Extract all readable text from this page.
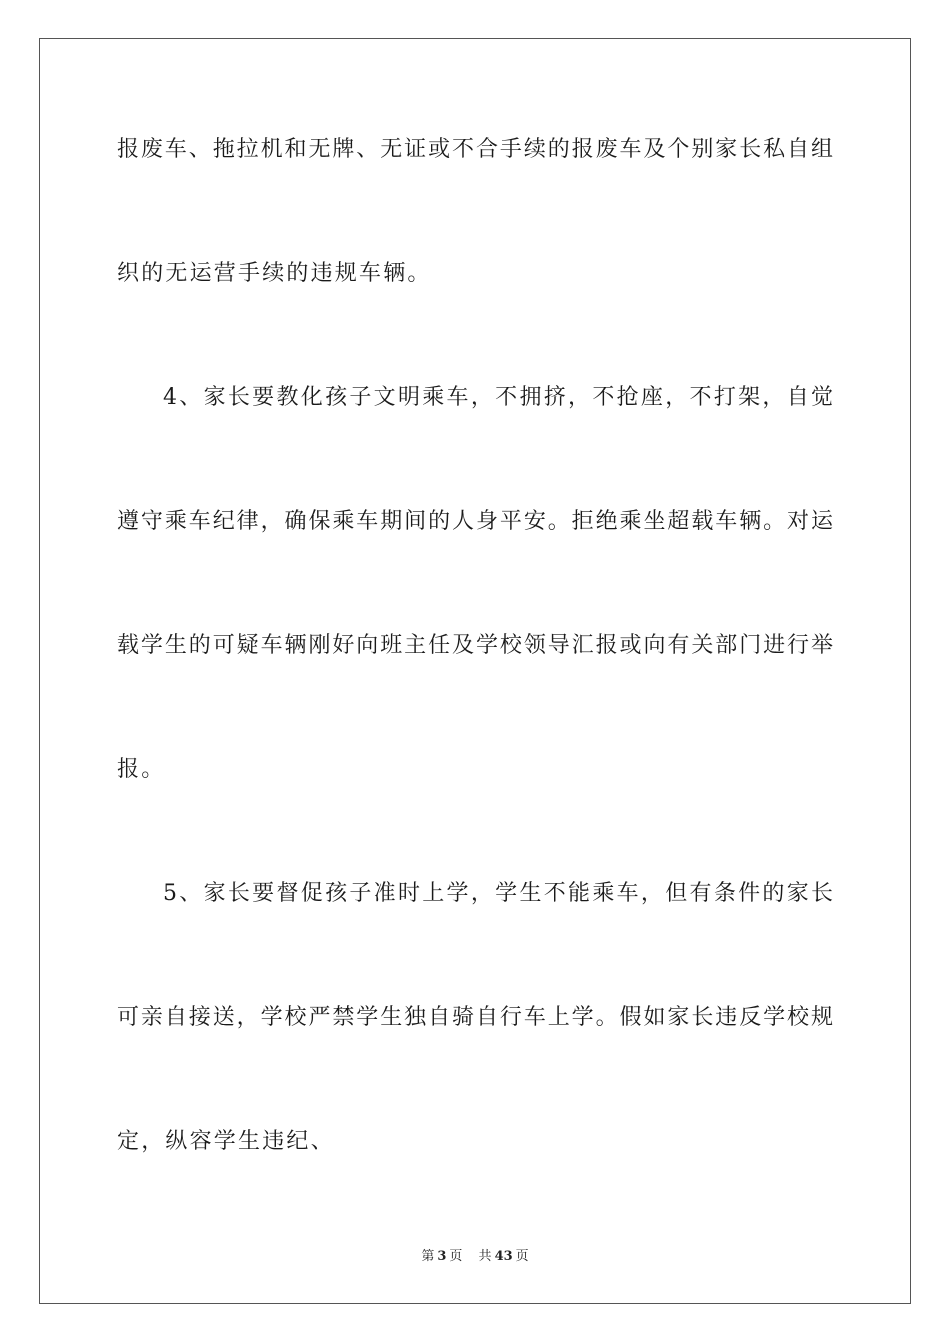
报废车、拖拉机和无牌、无证或不合手续的报废车及个别家长私自组
织的无运营手续的违规车辆。
4、家长要教化孩子文明乘车，不拥挤，不抢座，不打架，自觉
遵守乘车纪律，确保乘车期间的人身平安。拒绝乘坐超载车辆。对运
载学生的可疑车辆刚好向班主任及学校领导汇报或向有关部门进行举
报。
5、家长要督促孩子准时上学，学生不能乘车，但有条件的家长
可亲自接送，学校严禁学生独自骑自行车上学。假如家长违反学校规
定，纵容学生违纪、
第 3 页 共 43 页
